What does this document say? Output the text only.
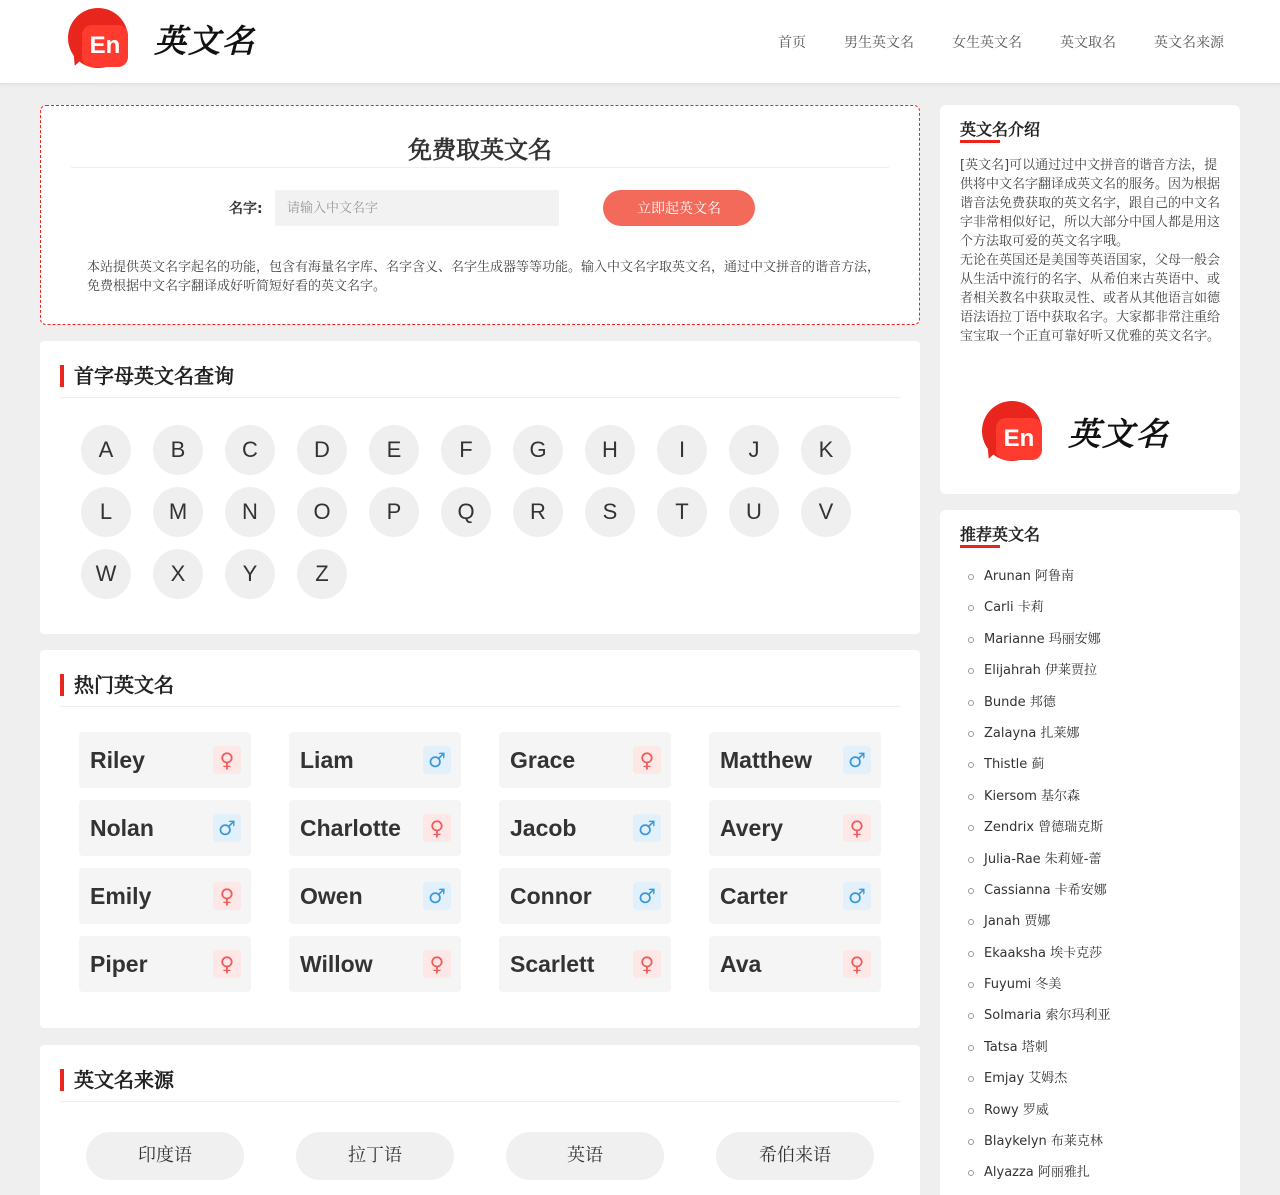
En 英文名	首页	男生英文名	女生英文名	英文取名	英文名来源
免费取英文名
名字:
请输入中文名字	立即起英文名
本站提供英文名字起名的功能，包含有海量名字库、名字含义、名字生成器等等功能。输入中文名字取英文名，通过中文拼音的谐音方法，免费根据中文名字翻译成好听简短好看的英文名字。
首字母英文名查询
A	B	C	D	E	F	G	H	I	J	K
L	M	N	O	P	Q	R	S	T	U	V
W	X	Y	Z
热门英文名
Riley	♀	Liam	♂	Grace	♀	Matthew ♂
Nolan	♂	Charlotte	♀	Jacob	♂	Avery	♀
Emily	♀	Owen	♂	Connor ♂	Carter	♂
Piper	♀	Willow	♀	Scarlett	♀	Ava	♀
英文名来源
印度语	拉丁语	英语	希伯来语
英文名介绍

[英文名]可以通过过中文拼音的谐音方法，提供将中文名字翻译成英文名的服务。因为根据谐音法免费获取的英文名字，跟自己的中文名字非常相似好记，所以大部分中国人都是用这个方法取可爱的英文名字哦。

无论在英国还是美国等英语国家，父母一般会从生活中流行的名字、从希伯来古英语中、或者相关教名中获取灵性、或者从其他语言如德语法语拉丁语中获取名字。大家都非常注重给宝宝取一个正直可靠好听又优雅的英文名字。

En 英文名
推荐英文名
Arunan 阿鲁南
Carli 卡莉
Marianne 玛丽安娜
Elijahrah 伊莱贾拉
Bunde 邦德
Zalayna 扎莱娜
Thistle 蓟
Kiersom 基尔森
Zendrix 曾德瑞克斯
Julia-Rae 朱莉娅-蕾
Cassianna 卡希安娜
Janah 贾娜
Ekaaksha 埃卡克莎
Fuyumi 冬美
Solmaria 索尔玛利亚
Tatsa 塔刺
Emjay 艾姆杰
Rowy 罗威
Blaykelyn 布莱克林
Alyazza 阿丽雅扎
